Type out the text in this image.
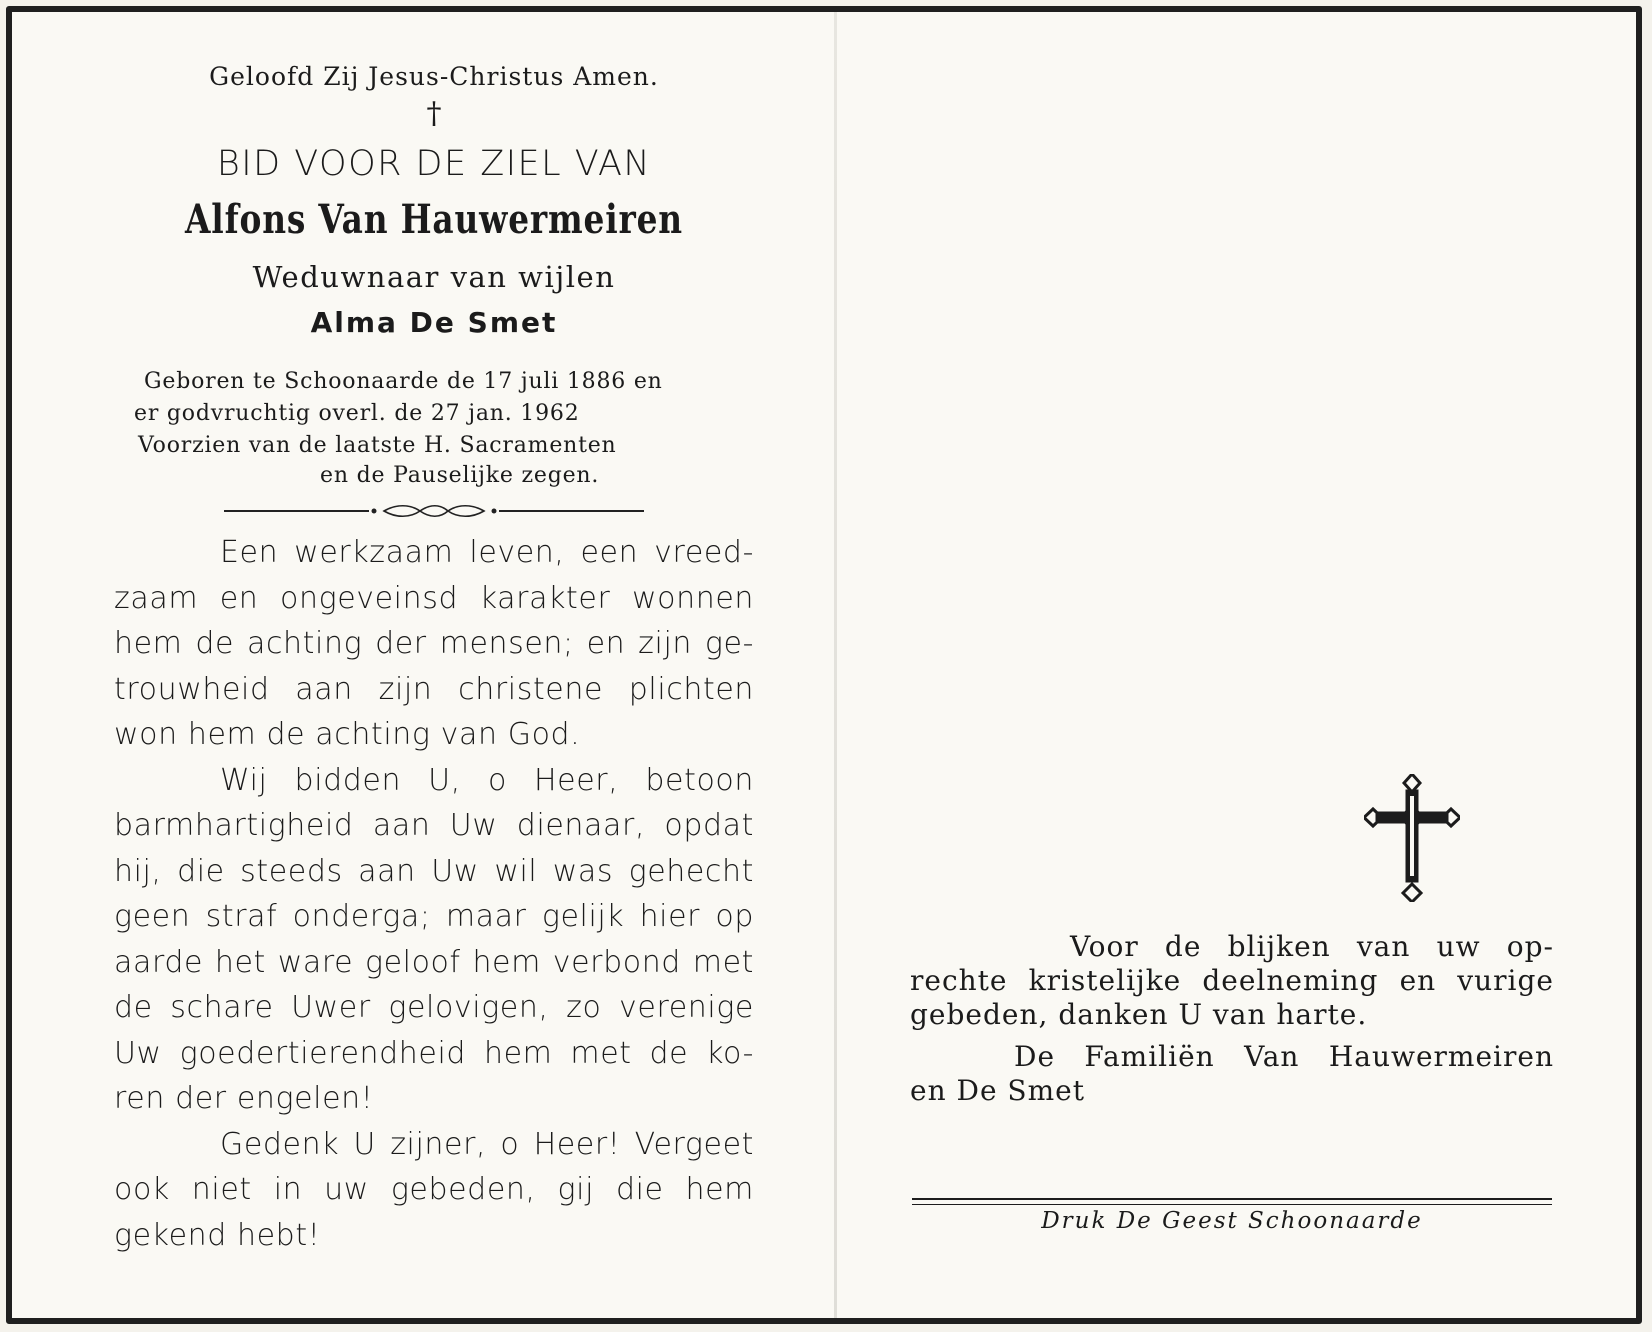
Geloofd Zij Jesus-Christus Amen.
†
BID VOOR DE ZIEL VAN
Alfons Van Hauwermeiren
Weduwnaar van wijlen
Alma De Smet
Geboren te Schoonaarde de 17 juli 1886 en
er godvruchtig overl. de 27 jan. 1962
Voorzien van de laatste H. Sacramenten
en de Pauselijke zegen.
Een werkzaam leven, een vreed-
zaam en ongeveinsd karakter wonnen
hem de achting der mensen; en zijn ge-
trouwheid aan zijn christene plichten
won hem de achting van God.
Wij bidden U, o Heer, betoon
barmhartigheid aan Uw dienaar, opdat
hij, die steeds aan Uw wil was gehecht
geen straf onderga; maar gelijk hier op
aarde het ware geloof hem verbond met
de schare Uwer gelovigen, zo verenige
Uw goedertierendheid hem met de ko-
ren der engelen!
Gedenk U zijner, o Heer! Vergeet
ook niet in uw gebeden, gij die hem
gekend hebt!
Voor de blijken van uw op-
rechte kristelijke deelneming en vurige
gebeden, danken U van harte.
De Familiën Van Hauwermeiren
en De Smet
Druk De Geest Schoonaarde
